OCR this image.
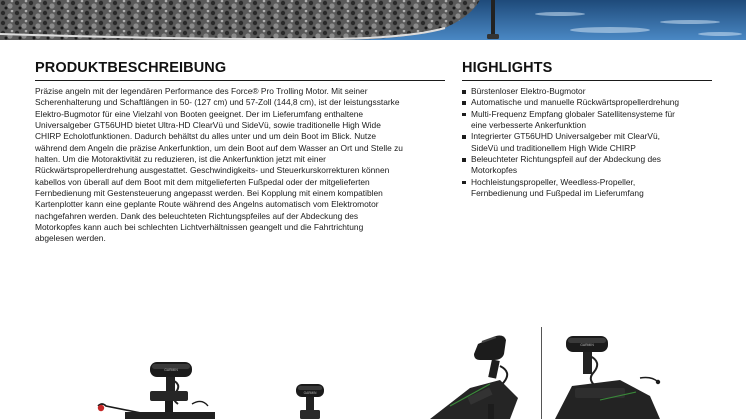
PRODUKTBESCHREIBUNG
Präzise angeln mit der legendären Performance des Force® Pro Trolling Motor. Mit seiner
Scherenhalterung und Schaftlängen in 50- (127 cm) und 57-Zoll (144,8 cm), ist der leistungsstarke
Elektro-Bugmotor für eine Vielzahl von Booten geeignet. Der im Lieferumfang enthaltene
Universalgeber GT56UHD bietet Ultra-HD ClearVü und SideVü, sowie traditionelle High Wide
CHIRP Echolotfunktionen. Dadurch behältst du alles unter und um dein Boot im Blick. Nutze
während dem Angeln die präzise Ankerfunktion, um dein Boot auf dem Wasser an Ort und Stelle zu
halten. Um die Motoraktivität zu reduzieren, ist die Ankerfunktion jetzt mit einer
Rückwärtspropellerdrehung ausgestattet. Geschwindigkeits- und Steuerkurskorrekturen können
kabellos von überall auf dem Boot mit dem mitgelieferten Fußpedal oder der mitgelieferten
Fernbedienung mit Gestensteuerung angepasst werden. Bei Kopplung mit einem kompatiblen
Kartenplotter kann eine geplante Route während des Angelns automatisch vom Elektromotor
nachgefahren werden. Dank des beleuchteten Richtungspfeiles auf der Abdeckung des
Motorkopfes kann auch bei schlechten Lichtverhältnissen geangelt und die Fahrtrichtung
abgelesen werden.
HIGHLIGHTS
Bürstenloser Elektro-Bugmotor
Automatische und manuelle Rückwärtspropellerdrehung
Multi-Frequenz Empfang globaler Satellitensysteme für
eine verbesserte Ankerfunktion
Integrierter GT56UHD Universalgeber mit ClearVü,
SideVü und traditionellem High Wide CHIRP
Beleuchteter Richtungspfeil auf der Abdeckung des
Motorkopfes
Hochleistungspropeller, Weedless-Propeller,
Fernbedienung und Fußpedal im Lieferumfang
GARMIN
GARMIN
GARMIN
